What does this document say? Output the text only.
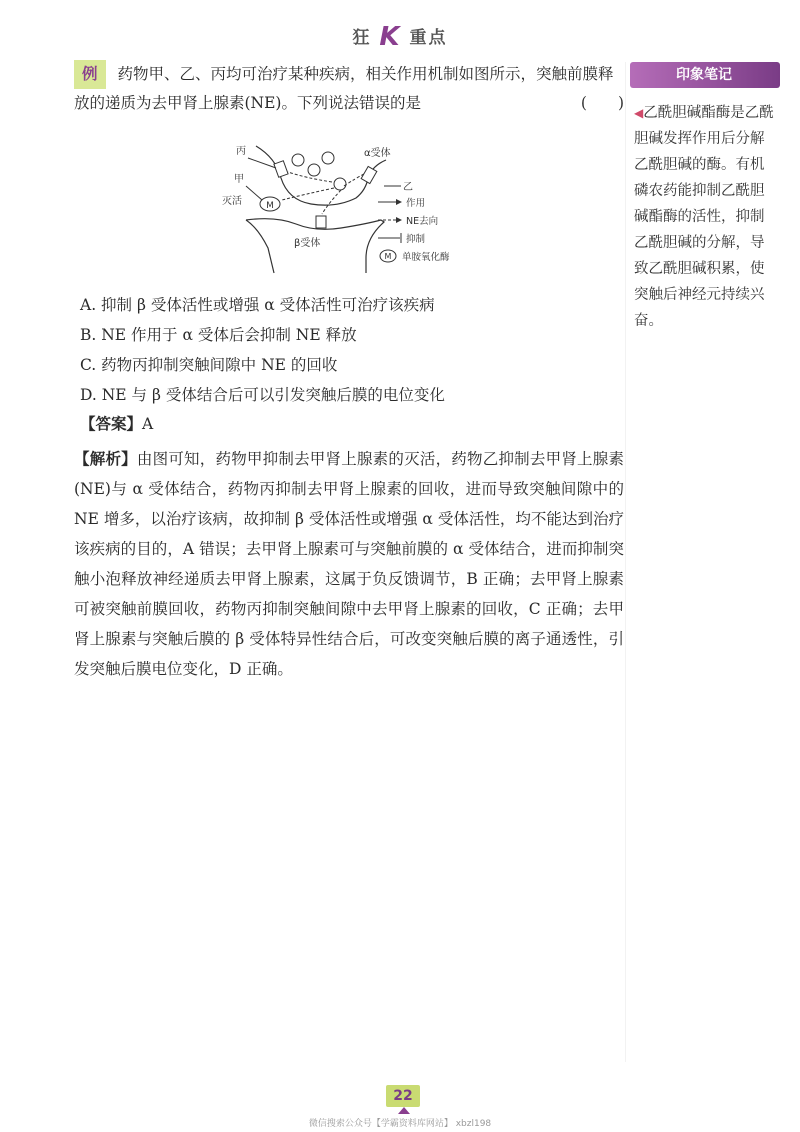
狂 K 重点

例 药物甲、乙、丙均可治疗某种疾病，相关作用机制如图所示，突触前膜释放的递质为去甲肾上腺素(NE)。下列说法错误的是	(　　)

M
丙
甲
灭活
α受体
乙
β受体
作用
NE去向
抑制
M 单胺氧化酶
A. 抑制 β 受体活性或增强 α 受体活性可治疗该疾病
B. NE 作用于 α 受体后会抑制 NE 释放
C. 药物丙抑制突触间隙中 NE 的回收
D. NE 与 β 受体结合后可以引发突触后膜的电位变化
【答案】A
【解析】由图可知，药物甲抑制去甲肾上腺素的灭活，药物乙抑制去甲肾上腺素(NE)与 α 受体结合，药物丙抑制去甲肾上腺素的回收，进而导致突触间隙中的 NE 增多，以治疗该病，故抑制 β 受体活性或增强 α 受体活性，均不能达到治疗该疾病的目的，A 错误；去甲肾上腺素可与突触前膜的 α 受体结合，进而抑制突触小泡释放神经递质去甲肾上腺素，这属于负反馈调节，B 正确；去甲肾上腺素可被突触前膜回收，药物丙抑制突触间隙中去甲肾上腺素的回收，C 正确；去甲肾上腺素与突触后膜的 β 受体特异性结合后，可改变突触后膜的离子通透性，引发突触后膜电位变化，D 正确。
印象笔记
◀乙酰胆碱酯酶是乙酰胆碱发挥作用后分解乙酰胆碱的酶。有机磷农药能抑制乙酰胆碱酯酶的活性，抑制乙酰胆碱的分解，导致乙酰胆碱积累，使突触后神经元持续兴奋。
22
微信搜索公众号【学霸资料库网站】 xbzl198
